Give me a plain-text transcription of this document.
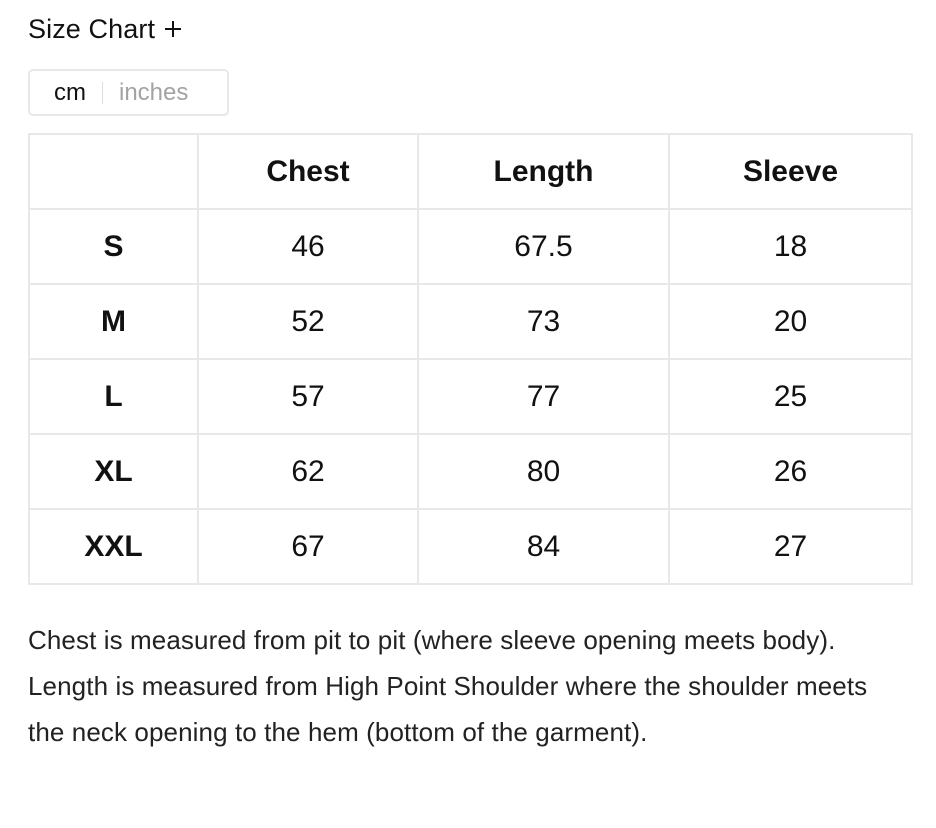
Size Chart
cm	inches
	Chest	Length	Sleeve
S	46	67.5	18
M	52	73	20
L	57	77	25
XL	62	80	26
XXL	67	84	27

Chest is measured from pit to pit (where sleeve opening meets body). Length is measured from High Point Shoulder where the shoulder meets the neck opening to the hem (bottom of the garment).
